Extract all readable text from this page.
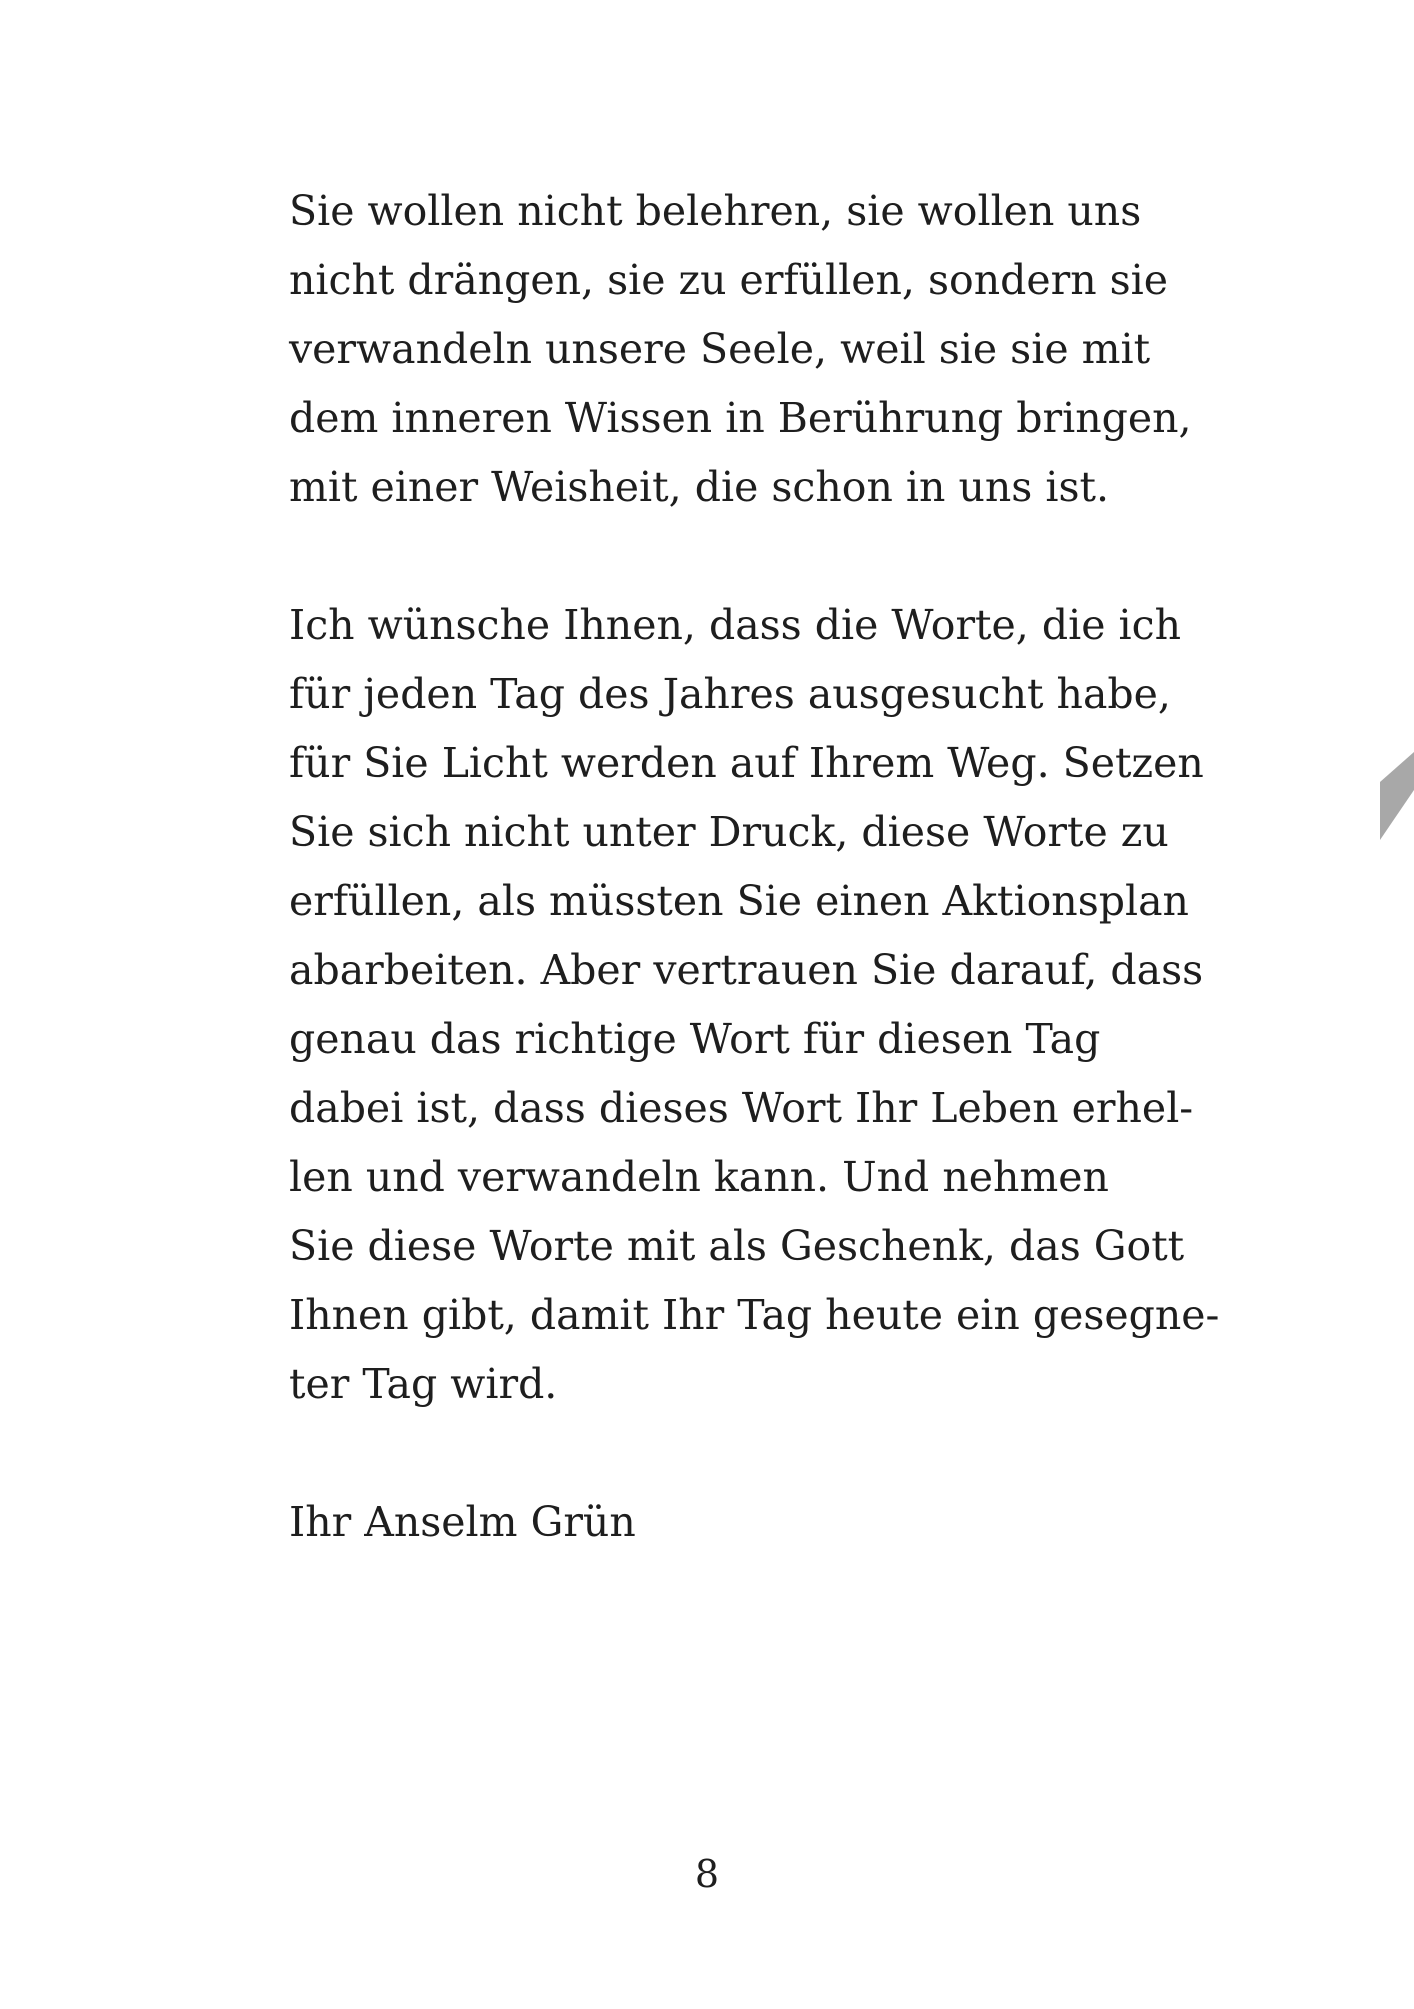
Sie wollen nicht belehren, sie wollen uns
nicht drängen, sie zu erfüllen, sondern sie
verwandeln unsere Seele, weil sie sie mit
dem inneren Wissen in Berührung bringen,
mit einer Weisheit, die schon in uns ist.

Ich wünsche Ihnen, dass die Worte, die ich
für jeden Tag des Jahres ausgesucht habe,
für Sie Licht werden auf Ihrem Weg. Setzen
Sie sich nicht unter Druck, diese Worte zu
erfüllen, als müssten Sie einen Aktionsplan
abarbeiten. Aber vertrauen Sie darauf, dass
genau das richtige Wort für diesen Tag
dabei ist, dass dieses Wort Ihr Leben erhel-
len und verwandeln kann. Und nehmen
Sie diese Worte mit als Geschenk, das Gott
Ihnen gibt, damit Ihr Tag heute ein gesegne-
ter Tag wird.

Ihr Anselm Grün

8
